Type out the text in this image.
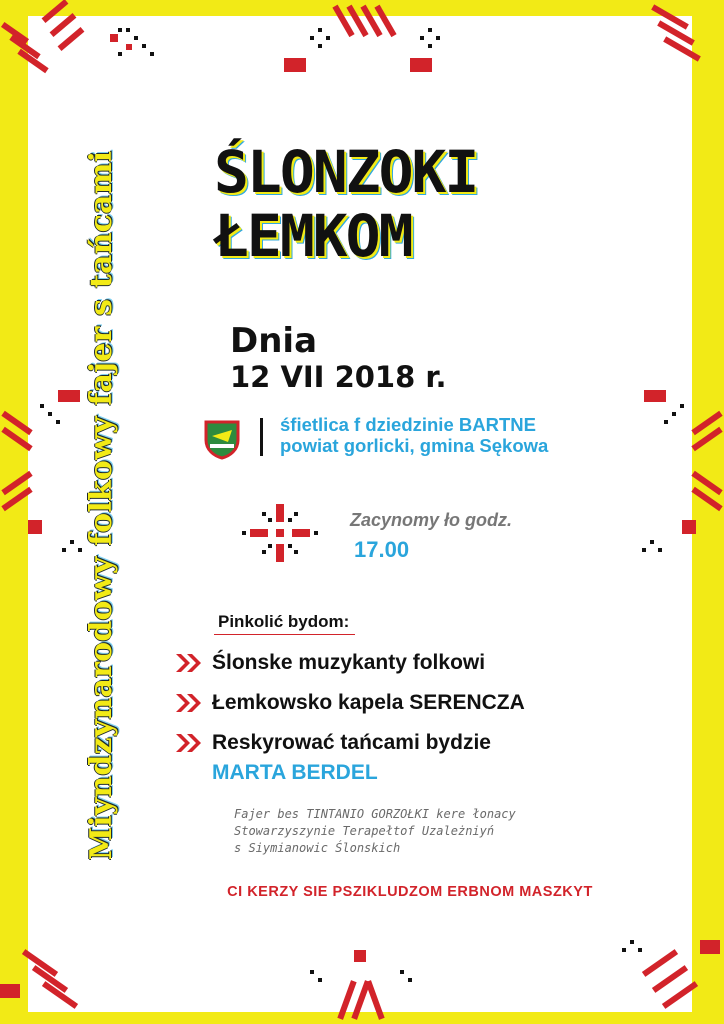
Miyndzynarodowy folkowy fajer s tańcami ŚLONZOKI
ŁEMKOM
Dnia
12 VII 2018 r.
śfietlica f dziedzinie BARTNE
powiat gorlicki, gmina Sękowa
Zacynomy ło godz.
17.00
Pinkolić bydom:
Ślonske muzykanty folkowi
Łemkowsko kapela SERENCZA
Reskyrować tańcami bydzie
MARTA BERDEL
Fajer bes TINTANIO GORZOŁKI kere łonacy
Stowarzyszynie Terapełtof Uzależniyń
s Siymianowic Ślonskich
CI KERZY SIE PSZIKLUDZOM ERBNOM MASZKYT
